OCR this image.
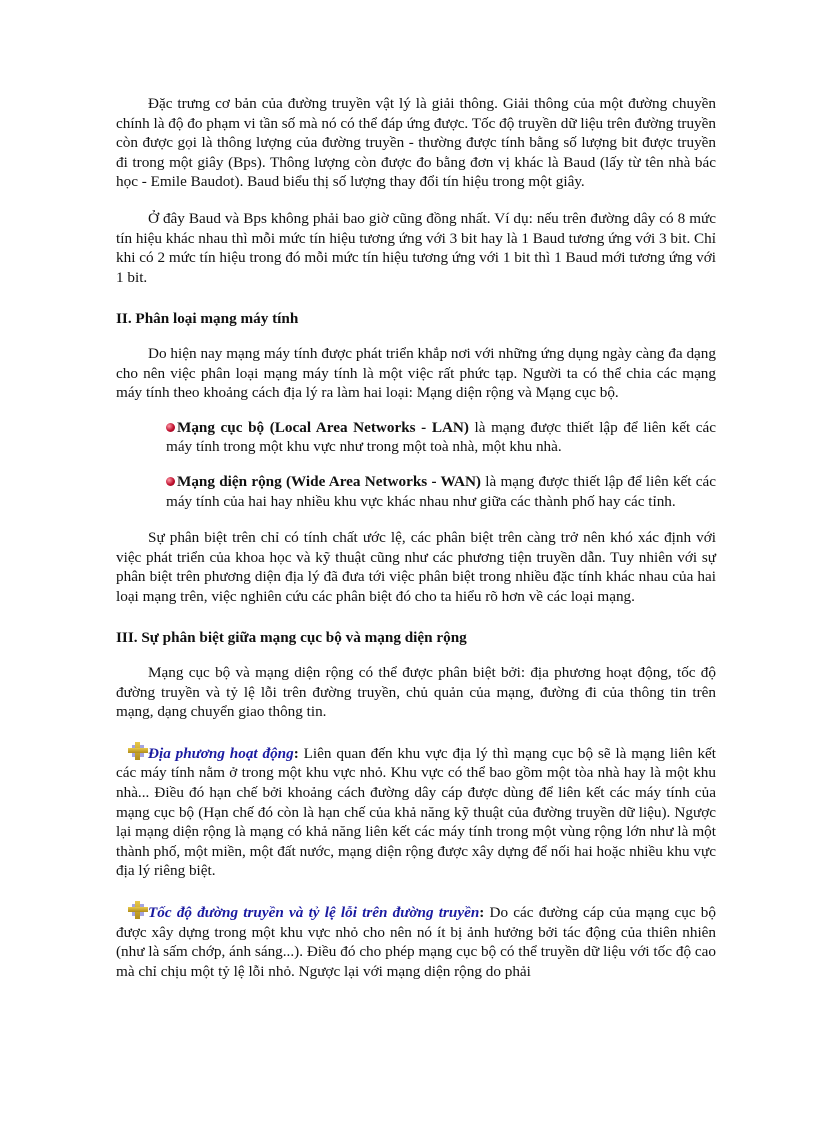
Đặc trưng cơ bản của đường truyền vật lý là giải thông. Giải thông của một đường chuyền chính là độ đo phạm vi tần số mà nó có thể đáp ứng được. Tốc độ truyền dữ liệu trên đường truyền còn được gọi là thông lượng của đường truyền - thường được tính bằng số lượng bit được truyền đi trong một giây (Bps). Thông lượng còn được đo bằng đơn vị khác là Baud (lấy từ tên nhà bác học - Emile Baudot). Baud biểu thị số lượng thay đổi tín hiệu trong một giây.

Ở đây Baud và Bps không phải bao giờ cũng đồng nhất. Ví dụ: nếu trên đường dây có 8 mức tín hiệu khác nhau thì mỗi mức tín hiệu tương ứng với 3 bit hay là 1 Baud tương ứng với 3 bit. Chỉ khi có 2 mức tín hiệu trong đó mỗi mức tín hiệu tương ứng với 1 bit thì 1 Baud mới tương ứng với 1 bit.

II. Phân loại mạng máy tính

Do hiện nay mạng máy tính được phát triển khắp nơi với những ứng dụng ngày càng đa dạng cho nên việc phân loại mạng máy tính là một việc rất phức tạp. Người ta có thể chia các mạng máy tính theo khoảng cách địa lý ra làm hai loại: Mạng diện rộng và Mạng cục bộ.

Mạng cục bộ (Local Area Networks - LAN) là mạng được thiết lập để liên kết các máy tính trong một khu vực như trong một toà nhà, một khu nhà.

Mạng diện rộng (Wide Area Networks - WAN) là mạng được thiết lập để liên kết các máy tính của hai hay nhiều khu vực khác nhau như giữa các thành phố hay các tỉnh.

Sự phân biệt trên chỉ có tính chất ước lệ, các phân biệt trên càng trở nên khó xác định với việc phát triển của khoa học và kỹ thuật cũng như các phương tiện truyền dẫn. Tuy nhiên với sự phân biệt trên phương diện địa lý đã đưa tới việc phân biệt trong nhiều đặc tính khác nhau của hai loại mạng trên, việc nghiên cứu các phân biệt đó cho ta hiểu rõ hơn về các loại mạng.

III. Sự phân biệt giữa mạng cục bộ và mạng diện rộng

Mạng cục bộ và mạng diện rộng có thể được phân biệt bởi: địa phương hoạt động, tốc độ đường truyền và tỷ lệ lỗi trên đường truyền, chủ quản của mạng, đường đi của thông tin trên mạng, dạng chuyển giao thông tin.

Địa phương hoạt động: Liên quan đến khu vực địa lý thì mạng cục bộ sẽ là mạng liên kết các máy tính nằm ở trong một khu vực nhỏ. Khu vực có thể bao gồm một tòa nhà hay là một khu nhà... Điều đó hạn chế bởi khoảng cách đường dây cáp được dùng để liên kết các máy tính của mạng cục bộ (Hạn chế đó còn là hạn chế của khả năng kỹ thuật của đường truyền dữ liệu). Ngược lại mạng diện rộng là mạng có khả năng liên kết các máy tính trong một vùng rộng lớn như là một thành phố, một miền, một đất nước, mạng diện rộng được xây dựng để nối hai hoặc nhiều khu vực địa lý riêng biệt.

Tốc độ đường truyền và tỷ lệ lỗi trên đường truyền: Do các đường cáp của mạng cục bộ được xây dựng trong một khu vực nhỏ cho nên nó ít bị ảnh hưởng bởi tác động của thiên nhiên (như là sấm chớp, ánh sáng...). Điều đó cho phép mạng cục bộ có thể truyền dữ liệu với tốc độ cao mà chỉ chịu một tỷ lệ lỗi nhỏ. Ngược lại với mạng diện rộng do phải
